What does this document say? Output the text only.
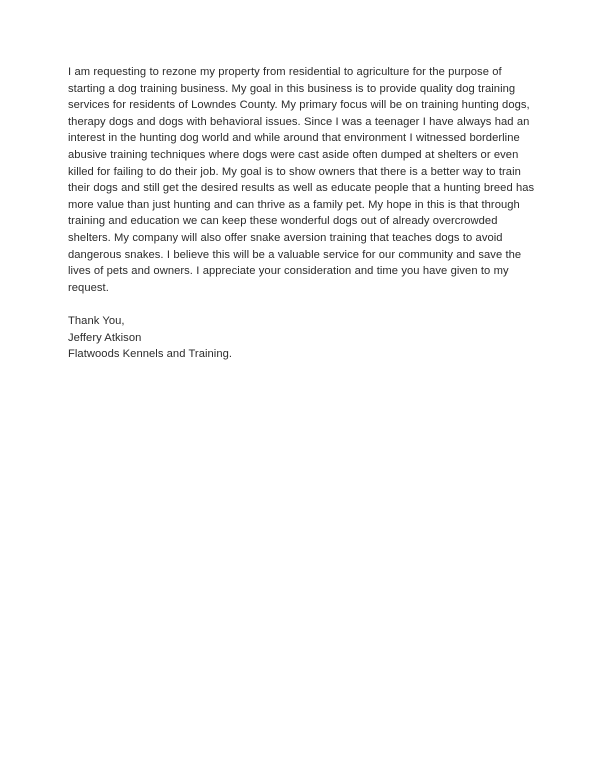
I am requesting to rezone my property from residential to agriculture for the purpose of starting a dog training business. My goal in this business is to provide quality dog training services for residents of Lowndes County. My primary focus will be on training hunting dogs, therapy dogs and dogs with behavioral issues. Since I was a teenager I have always had an interest in the hunting dog world and while around that environment I witnessed borderline abusive training techniques where dogs were cast aside often dumped at shelters or even killed for failing to do their job. My goal is to show owners that there is a better way to train their dogs and still get the desired results as well as educate people that a hunting breed has more value than just hunting and can thrive as a family pet. My hope in this is that through training and education we can keep these wonderful dogs out of already overcrowded shelters. My company will also offer snake aversion training that teaches dogs to avoid dangerous snakes. I believe this will be a valuable service for our community and save the lives of pets and owners. I appreciate your consideration and time you have given to my request.

Thank You,

Jeffery Atkison

Flatwoods Kennels and Training.
